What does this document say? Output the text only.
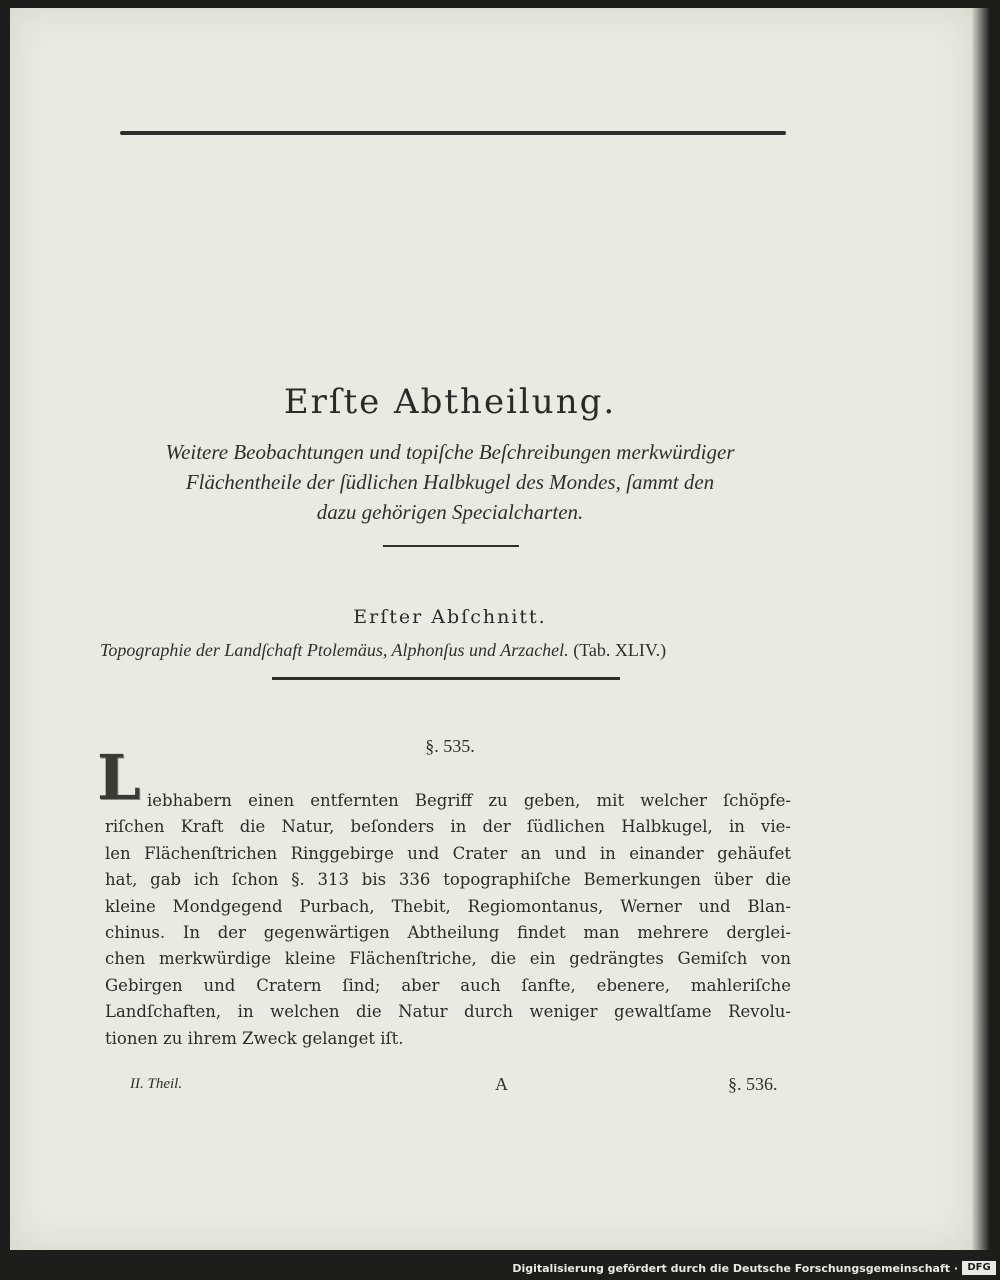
Erſte Abtheilung.
Weitere Beobachtungen und topiſche Beſchreibungen merkwürdiger
Flächentheile der ſüdlichen Halbkugel des Mondes, ſammt den
dazu gehörigen Specialcharten.
Erſter Abſchnitt.
Topographie der Landſchaft Ptolemäus, Alphonſus und Arzachel. (Tab. XLIV.)
§. 535.
L iebhabern einen entfernten Begriff zu geben, mit welcher ſchöpfe-
riſchen Kraft die Natur, beſonders in der ſüdlichen Halbkugel, in vie-
len Flächenſtrichen Ringgebirge und Crater an und in einander gehäufet
hat, gab ich ſchon §. 313 bis 336 topographiſche Bemerkungen über die
kleine Mondgegend Purbach, Thebit, Regiomontanus, Werner und Blan-
chinus. In der gegenwärtigen Abtheilung findet man mehrere derglei-
chen merkwürdige kleine Flächenſtriche, die ein gedrängtes Gemiſch von
Gebirgen und Cratern ſind; aber auch ſanfte, ebenere, mahleriſche
Landſchaften, in welchen die Natur durch weniger gewaltſame Revolu-
tionen zu ihrem Zweck gelanget iſt.
II. Theil.	A	§. 536.
Digitalisierung gefördert durch die Deutsche Forschungsgemeinschaft · DFG
